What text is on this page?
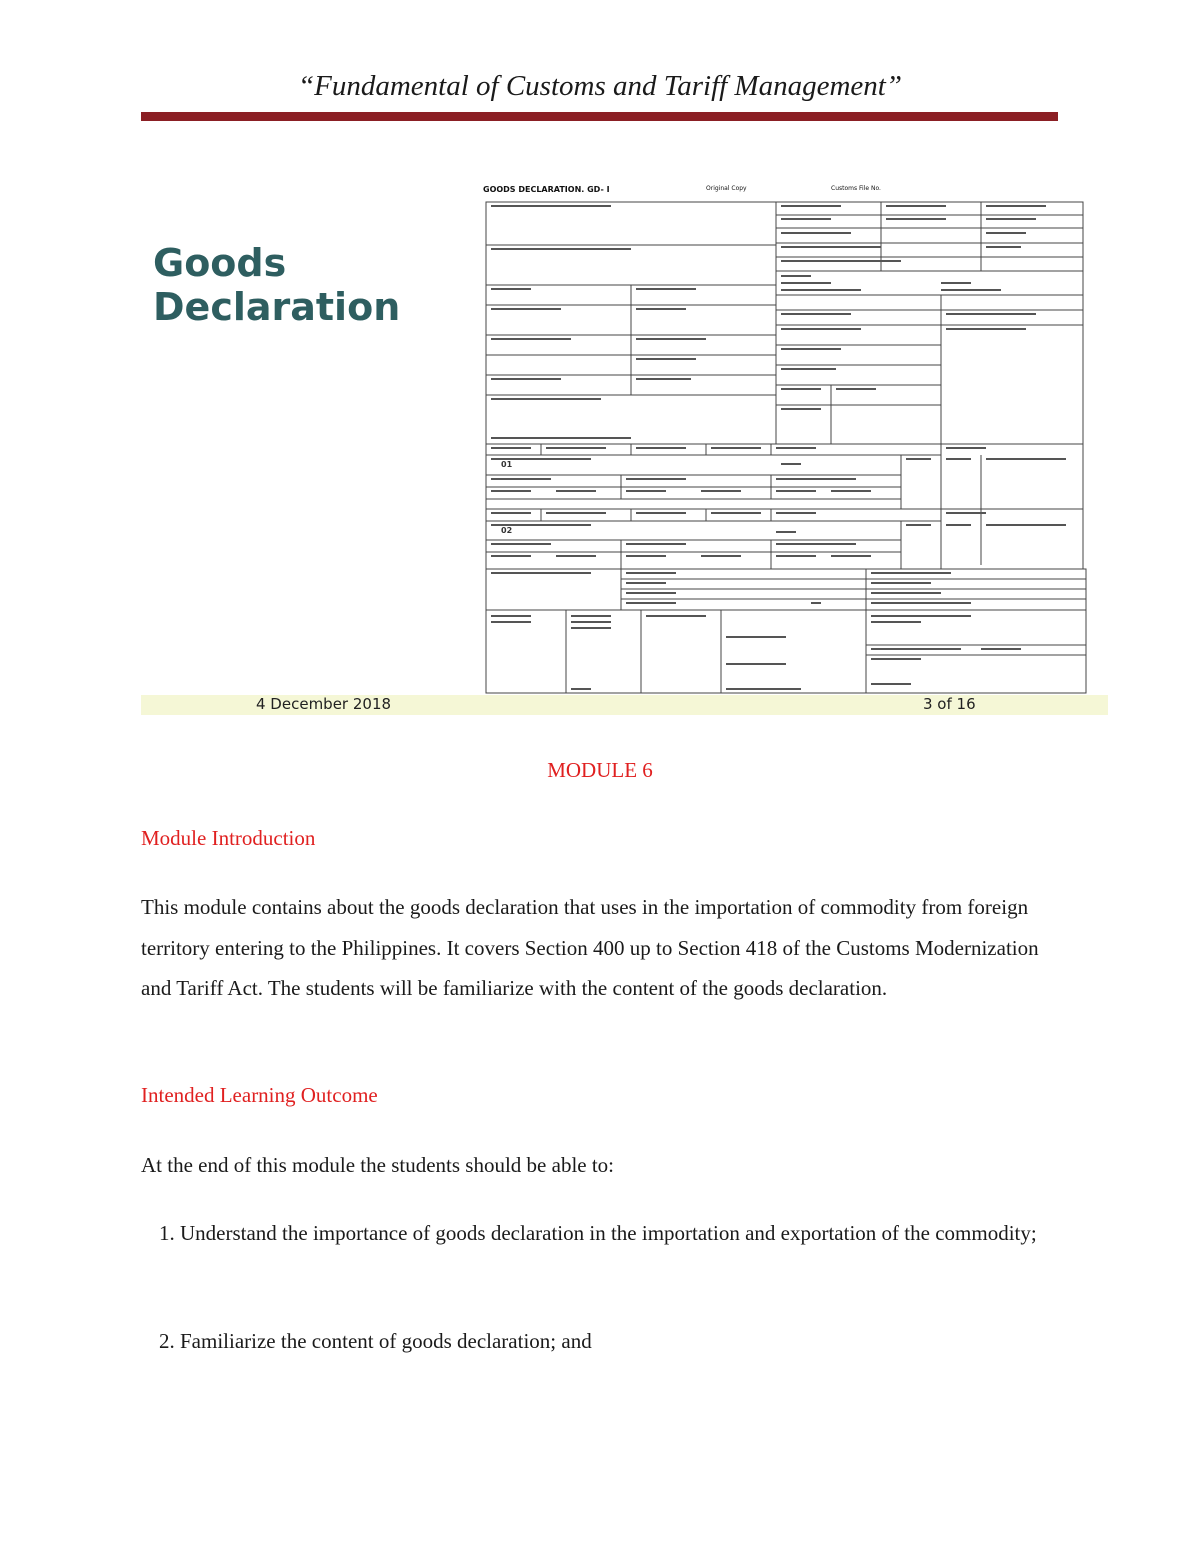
“Fundamental of Customs and Tariff Management”
Goods
Declaration
GOODS DECLARATION. GD- I	Original Copy	Customs File No.
01
02
4 December 2018	3 of 16
MODULE 6
Module Introduction
This module contains about the goods declaration that uses in the importation of commodity from foreign territory entering to the Philippines. It covers Section 400 up to Section 418 of the Customs Modernization and Tariff Act. The students will be familiarize with the content of the goods declaration.
Intended Learning Outcome
At the end of this module the students should be able to:
1. Understand the importance of goods declaration in the importation and exportation of the commodity;
2. Familiarize the content of goods declaration; and
